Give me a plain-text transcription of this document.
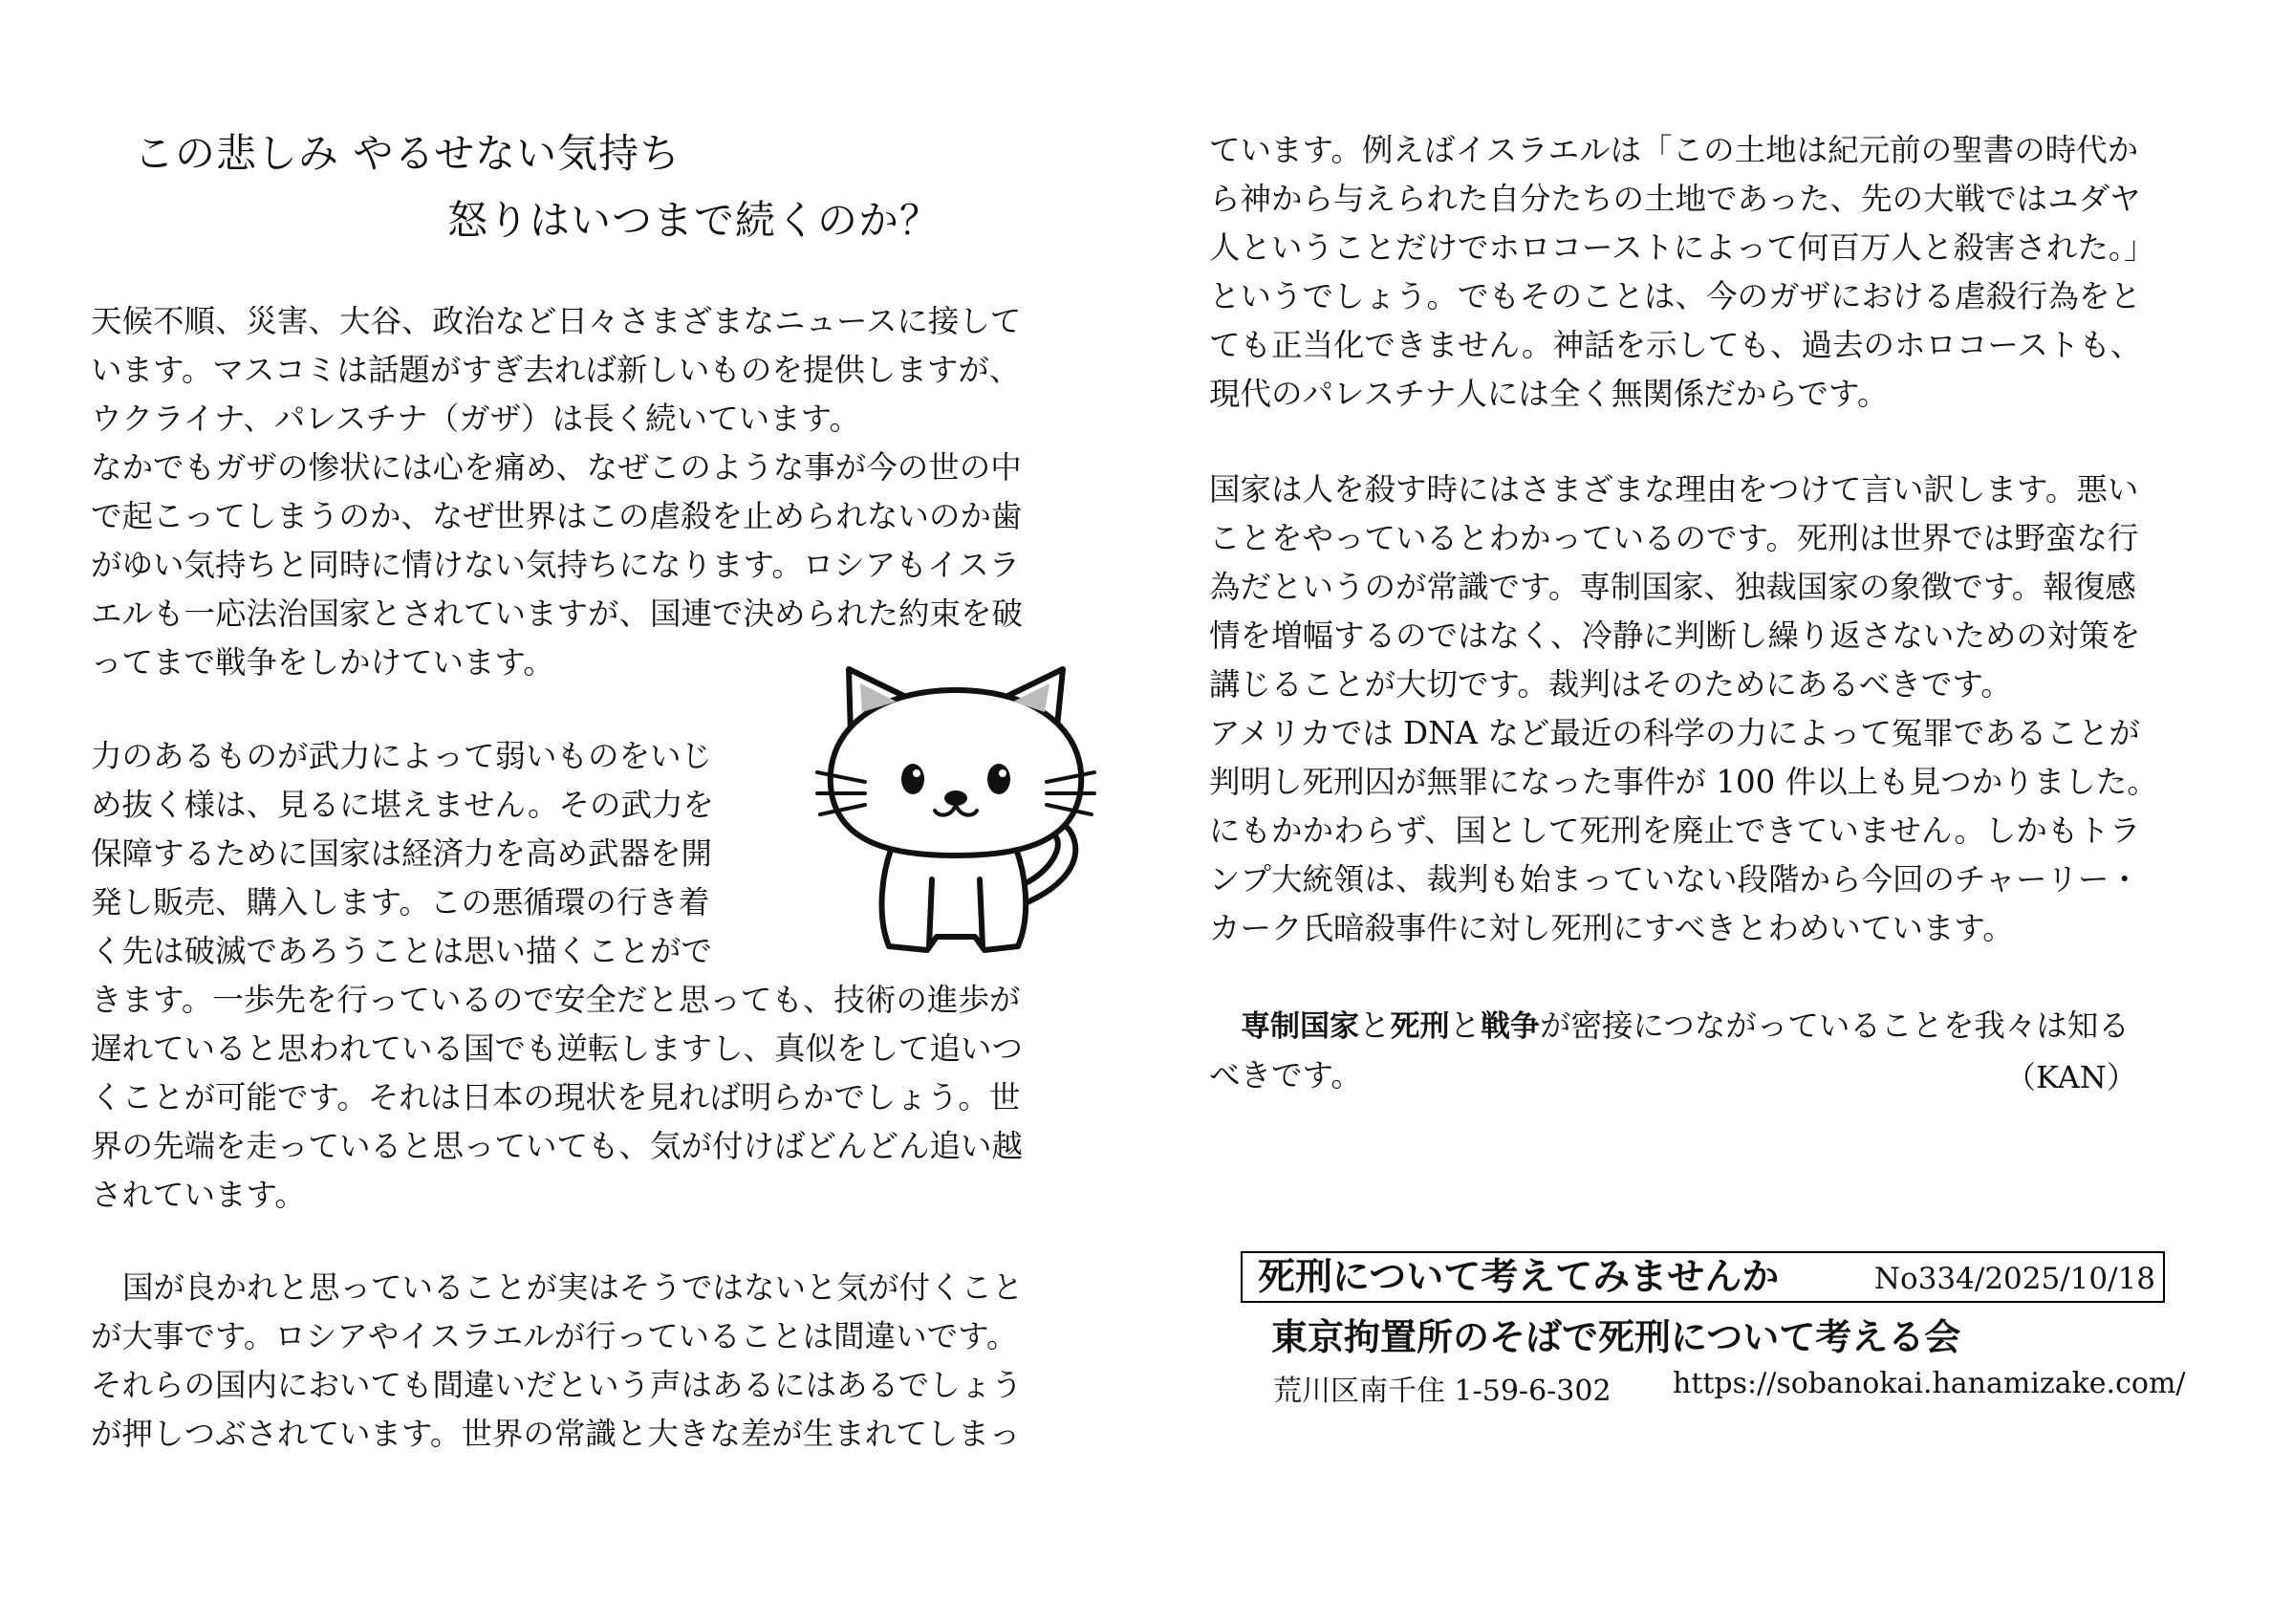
この悲しみ やるせない気持ち
怒りはいつまで続くのか？
天候不順、災害、大谷、政治など日々さまざまなニュースに接して
います。マスコミは話題がすぎ去れば新しいものを提供しますが、
ウクライナ、パレスチナ（ガザ）は長く続いています。
なかでもガザの惨状には心を痛め、なぜこのような事が今の世の中
で起こってしまうのか、なぜ世界はこの虐殺を止められないのか歯
がゆい気持ちと同時に情けない気持ちになります。ロシアもイスラ
エルも一応法治国家とされていますが、国連で決められた約束を破
ってまで戦争をしかけています。
力のあるものが武力によって弱いものをいじ
め抜く様は、見るに堪えません。その武力を
保障するために国家は経済力を高め武器を開
発し販売、購入します。この悪循環の行き着
く先は破滅であろうことは思い描くことがで
きます。一歩先を行っているので安全だと思っても、技術の進歩が
遅れていると思われている国でも逆転しますし、真似をして追いつ
くことが可能です。それは日本の現状を見れば明らかでしょう。世
界の先端を走っていると思っていても、気が付けばどんどん追い越
されています。
国が良かれと思っていることが実はそうではないと気が付くこと
が大事です。ロシアやイスラエルが行っていることは間違いです。
それらの国内においても間違いだという声はあるにはあるでしょう
が押しつぶされています。世界の常識と大きな差が生まれてしまっ
ています。例えばイスラエルは「この土地は紀元前の聖書の時代か
ら神から与えられた自分たちの土地であった、先の大戦ではユダヤ
人ということだけでホロコーストによって何百万人と殺害された。」
というでしょう。でもそのことは、今のガザにおける虐殺行為をと
ても正当化できません。神話を示しても、過去のホロコーストも、
現代のパレスチナ人には全く無関係だからです。
国家は人を殺す時にはさまざまな理由をつけて言い訳します。悪い
ことをやっているとわかっているのです。死刑は世界では野蛮な行
為だというのが常識です。専制国家、独裁国家の象徴です。報復感
情を増幅するのではなく、冷静に判断し繰り返さないための対策を
講じることが大切です。裁判はそのためにあるべきです。
アメリカでは DNA など最近の科学の力によって冤罪であることが
判明し死刑囚が無罪になった事件が 100 件以上も見つかりました。
にもかかわらず、国として死刑を廃止できていません。しかもトラ
ンプ大統領は、裁判も始まっていない段階から今回のチャーリー・
カーク氏暗殺事件に対し死刑にすべきとわめいています。
専制国家と死刑と戦争が密接につながっていることを我々は知る
べきです。	（KAN）
死刑について考えてみませんか	No334/2025/10/18
東京拘置所のそばで死刑について考える会
荒川区南千住 1-59-6-302 https://sobanokai.hanamizake.com/
